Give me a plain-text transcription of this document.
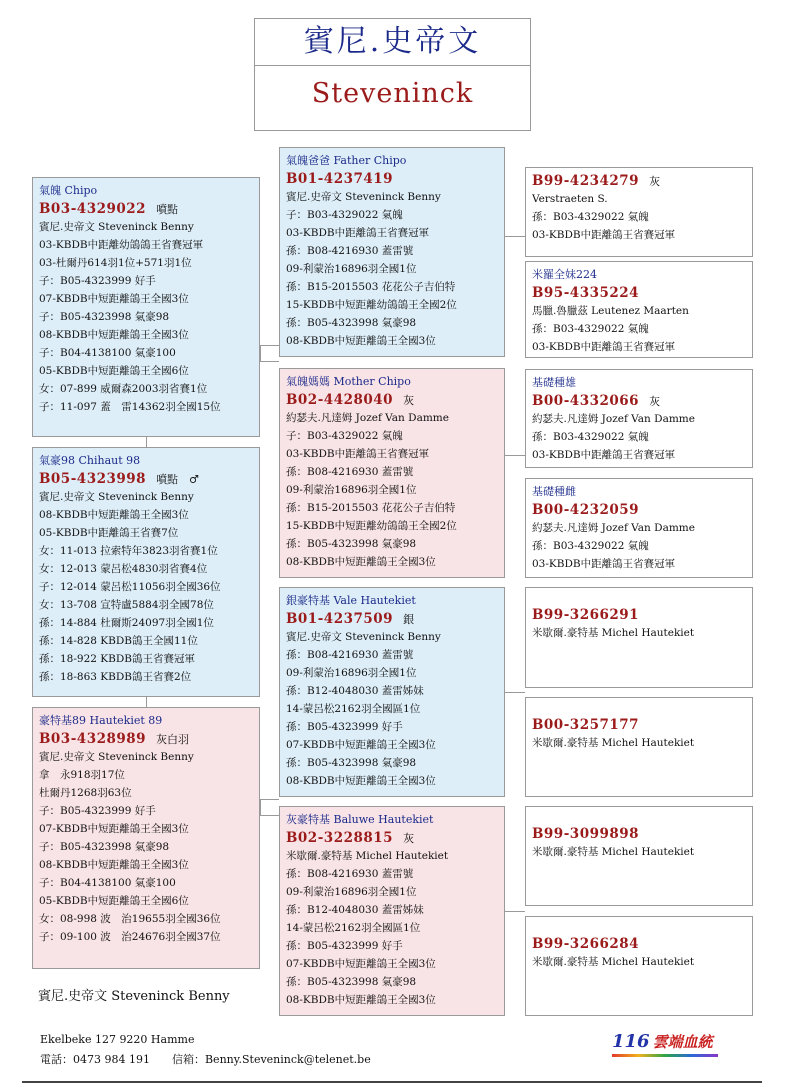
賓尼.史帝文
Steveninck
氣魄 Chipo
B03-4329022 噴點
賓尼.史帝文 Steveninck Benny
03-KBDB中距離幼鴿鴿王省賽冠軍
03-杜爾丹614羽1位+571羽1位
子：B05-4323999 好手
07-KBDB中短距離鴿王全國3位
子：B05-4323998 氣豪98
08-KBDB中短距離鴿王全國3位
子：B04-4138100 氣豪100
05-KBDB中短距離鴿王全國6位
女：07-899 威爾森2003羽省賽1位
子：11-097 蓋　雷14362羽全國15位
氣豪98 Chihaut 98
B05-4323998 噴點　♂
賓尼.史帝文 Steveninck Benny
08-KBDB中短距離鴿王全國3位
05-KBDB中距離鴿王省賽7位
女：11-013 拉索特年3823羽省賽1位
女：12-013 蒙呂松4830羽省賽4位
子：12-014 蒙呂松11056羽全國36位
女：13-708 宣特盧5884羽全國78位
孫：14-884 杜爾斯24097羽全國1位
孫：14-828 KBDB鴿王全國11位
孫：18-922 KBDB鴿王省賽冠軍
孫：18-863 KBDB鴿王省賽2位
豪特基89 Hautekiet 89
B03-4328989 灰白羽
賓尼.史帝文 Steveninck Benny
拿　永918羽17位
杜爾丹1268羽63位
子：B05-4323999 好手
07-KBDB中短距離鴿王全國3位
子：B05-4323998 氣豪98
08-KBDB中短距離鴿王全國3位
子：B04-4138100 氣豪100
05-KBDB中短距離鴿王全國6位
女：08-998 波　治19655羽全國36位
子：09-100 波　治24676羽全國37位
氣魄爸爸 Father Chipo
B01-4237419
賓尼.史帝文 Steveninck Benny
子：B03-4329022 氣魄
03-KBDB中距離鴿王省賽冠軍
孫：B08-4216930 蓋雷號
09-利蒙治16896羽全國1位
孫：B15-2015503 花花公子吉伯特
15-KBDB中短距離幼鴿鴿王全國2位
孫：B05-4323998 氣豪98
08-KBDB中短距離鴿王全國3位
氣魄媽媽 Mother Chipo
B02-4428040 灰
約瑟夫.凡達姆 Jozef Van Damme
子：B03-4329022 氣魄
03-KBDB中距離鴿王省賽冠軍
孫：B08-4216930 蓋雷號
09-利蒙治16896羽全國1位
孫：B15-2015503 花花公子吉伯特
15-KBDB中短距離幼鴿鴿王全國2位
孫：B05-4323998 氣豪98
08-KBDB中短距離鴿王全國3位
銀豪特基 Vale Hautekiet
B01-4237509 銀
賓尼.史帝文 Steveninck Benny
孫：B08-4216930 蓋雷號
09-利蒙治16896羽全國1位
孫：B12-4048030 蓋雷姊妹
14-蒙呂松2162羽全國區1位
孫：B05-4323999 好手
07-KBDB中短距離鴿王全國3位
孫：B05-4323998 氣豪98
08-KBDB中短距離鴿王全國3位
灰豪特基 Baluwe Hautekiet
B02-3228815 灰
米歇爾.豪特基 Michel Hautekiet
孫：B08-4216930 蓋雷號
09-利蒙治16896羽全國1位
孫：B12-4048030 蓋雷姊妹
14-蒙呂松2162羽全國區1位
孫：B05-4323999 好手
07-KBDB中短距離鴿王全國3位
孫：B05-4323998 氣豪98
08-KBDB中短距離鴿王全國3位
B99-4234279 灰
Verstraeten S.
孫：B03-4329022 氣魄
03-KBDB中距離鴿王省賽冠軍
米羅全妹224
B95-4335224
馬臘.魯臘茲 Leutenez Maarten
孫：B03-4329022 氣魄
03-KBDB中距離鴿王省賽冠軍
基礎種雄
B00-4332066 灰
約瑟夫.凡達姆 Jozef Van Damme
孫：B03-4329022 氣魄
03-KBDB中距離鴿王省賽冠軍
基礎種雌
B00-4232059
約瑟夫.凡達姆 Jozef Van Damme
孫：B03-4329022 氣魄
03-KBDB中距離鴿王省賽冠軍
B99-3266291
米歇爾.豪特基 Michel Hautekiet
B00-3257177
米歇爾.豪特基 Michel Hautekiet
B99-3099898
米歇爾.豪特基 Michel Hautekiet
B99-3266284
米歇爾.豪特基 Michel Hautekiet
賓尼.史帝文 Steveninck Benny
Ekelbeke 127 9220 Hamme
電話：0473 984 191　　信箱：Benny.Steveninck@telenet.be
116 雲端血統
